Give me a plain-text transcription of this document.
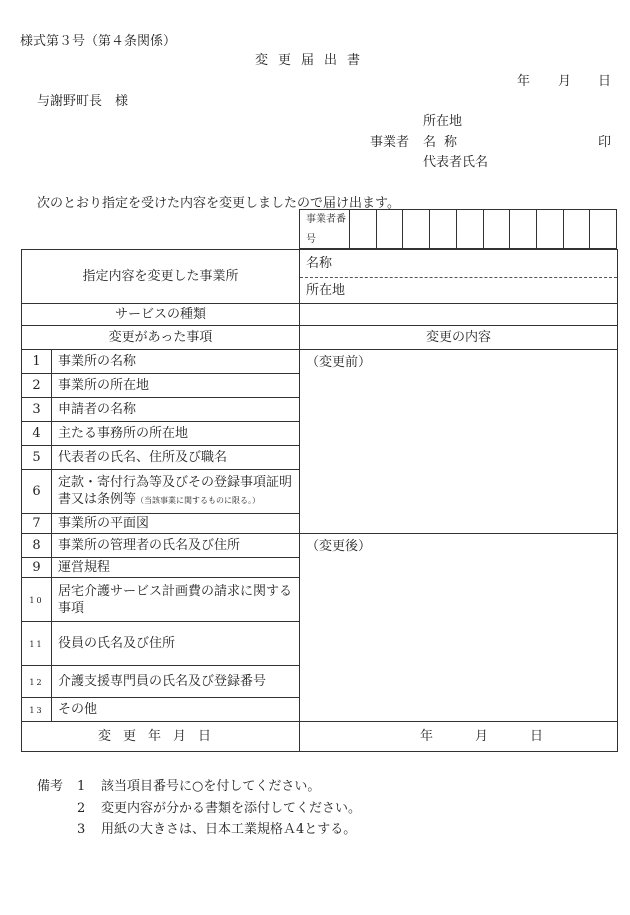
様式第３号（第４条関係）
変更届出書
年 月 日
与謝野町長　様
所在地
事業者 名称	印
代表者氏名
次のとおり指定を受けた内容を変更しましたので届け出ます。
事業者番号
指定内容を変更した事業所		名称
		所在地
サービスの種類		
変更があった事項		変更の内容
1	事業所の名称	（変更前）
2	事業所の所在地	
3	申請者の名称	
4	主たる事務所の所在地	
5	代表者の氏名、住所及び職名	
6	定款・寄付行為等及びその登録事項証明書又は条例等（当該事業に関するものに限る。）	
7	事業所の平面図	
8	事業所の管理者の氏名及び住所	（変更後）
9	運営規程	
10	居宅介護サービス計画費の請求に関する事項	
11	役員の氏名及び住所	
12	介護支援専門員の氏名及び登録番号	
13	その他	
変更年月日		年 月 日
備考 1 該当項目番号に○を付してください。
2 変更内容が分かる書類を添付してください。
3 用紙の大きさは、日本工業規格Ａ4とする。
